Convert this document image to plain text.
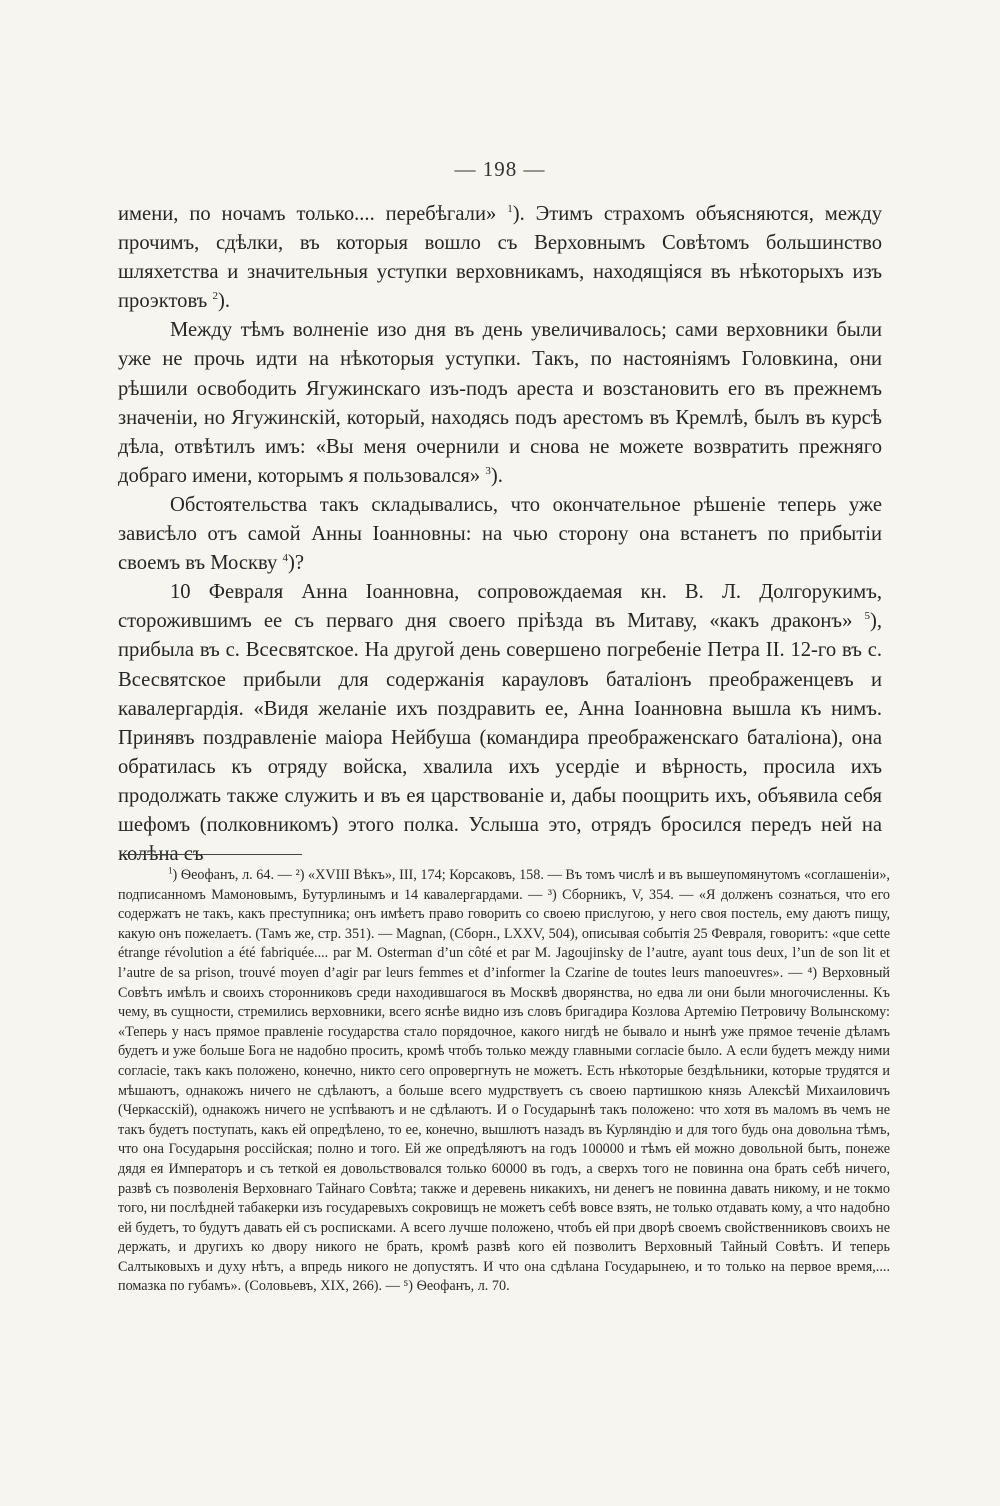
— 198 —

имени, по ночамъ только.... перебѣгали» $^1$). Этимъ страхомъ объясняются, между прочимъ, сдѣлки, въ которыя вошло съ Верховнымъ Совѣтомъ большинство шляхетства и значительныя уступки верховникамъ, находящіяся въ нѣкоторыхъ изъ проэктовъ $^2$).

Между тѣмъ волненіе изо дня въ день увеличивалось; сами верховники были уже не прочь идти на нѣкоторыя уступки. Такъ, по настояніямъ Головкина, они рѣшили освободить Ягужинскаго изъ-подъ ареста и возстановить его въ прежнемъ значеніи, но Ягужинскій, который, находясь подъ арестомъ въ Кремлѣ, былъ въ курсѣ дѣла, отвѣтилъ имъ: «Вы меня очернили и снова не можете возвратить прежняго добраго имени, которымъ я пользовался» $^3$).

Обстоятельства такъ складывались, что окончательное рѣшеніе теперь уже зависѣло отъ самой Анны Іоанновны: на чью сторону она встанетъ по прибытіи своемъ въ Москву $^4$)?

10 Февраля Анна Іоанновна, сопровождаемая кн. В. Л. Долгорукимъ, сторожившимъ ее съ перваго дня своего пріѣзда въ Митаву, «какъ драконъ» $^5$), прибыла въ с. Всесвятское. На другой день совершено погребеніе Петра II. 12-го въ с. Всесвятское прибыли для содержанія карауловъ баталіонъ преображенцевъ и кавалергардія. «Видя желаніе ихъ поздравить ее, Анна Іоанновна вышла къ нимъ. Принявъ поздравленіе маіора Нейбуша (командира преображенскаго баталіона), она обратилась къ отряду войска, хвалила ихъ усердіе и вѣрность, просила ихъ продолжать также служить и въ ея царствованіе и, дабы поощрить ихъ, объявила себя шефомъ (полковникомъ) этого полка. Услыша это, отрядъ бросился передъ ней на колѣна съ

$^1$) Ѳеофанъ, л. 64. — ²) «XVIII Вѣкъ», III, 174; Корсаковъ, 158. — Въ томъ числѣ и въ вышеупомянутомъ «соглашеніи», подписанномъ Мамоновымъ, Бутурлинымъ и 14 кавалергардами. — ³) Сборникъ, V, 354. — «Я долженъ сознаться, что его содержатъ не такъ, какъ преступника; онъ имѣетъ право говорить со своею прислугою, у него своя постель, ему даютъ пищу, какую онъ пожелаетъ. (Тамъ же, стр. 351). — Magnan, (Сборн., LXXV, 504), описывая событія 25 Февраля, говоритъ: «que cette étrange révolution a été fabriquée.... par M. Osterman d’un côté et par M. Jagoujinsky de l’autre, ayant tous deux, l’un de son lit et l’autre de sa prison, trouvé moyen d’agir par leurs femmes et d’informer la Czarine de toutes leurs manoeuvres». — ⁴) Верховный Совѣтъ имѣлъ и своихъ сторонниковъ среди находившагося въ Москвѣ дворянства, но едва ли они были многочисленны. Къ чему, въ сущности, стремились верховники, всего яснѣе видно изъ словъ бригадира Козлова Артемію Петровичу Волынскому: «Теперь у насъ прямое правленіе государства стало порядочное, какого нигдѣ не бывало и нынѣ уже прямое теченіе дѣламъ будетъ и уже больше Бога не надобно просить, кромѣ чтобъ только между главными согласіе было. А если будетъ между ними согласіе, такъ какъ положено, конечно, никто сего опровергнуть не можетъ. Есть нѣкоторые бездѣльники, которые трудятся и мѣшаютъ, однакожъ ничего не сдѣлаютъ, а больше всего мудрствуетъ съ своею партишкою князь Алексѣй Михаиловичъ (Черкасскій), однакожъ ничего не успѣваютъ и не сдѣлаютъ. И о Государынѣ такъ положено: что хотя въ маломъ въ чемъ не такъ будетъ поступать, какъ ей опредѣлено, то ее, конечно, вышлютъ назадъ въ Курляндію и для того будь она довольна тѣмъ, что она Государыня россійская; полно и того. Ей же опредѣляютъ на годъ 100000 и тѣмъ ей можно довольной быть, понеже дядя ея Императоръ и съ теткой ея довольствовался только 60000 въ годъ, а сверхъ того не повинна она брать себѣ ничего, развѣ съ позволенія Верховнаго Тайнаго Совѣта; также и деревень никакихъ, ни денегъ не повинна давать никому, и не токмо того, ни послѣдней табакерки изъ государевыхъ сокровищъ не можетъ себѣ вовсе взять, не только отдавать кому, а что надобно ей будетъ, то будутъ давать ей съ росписками. А всего лучше положено, чтобъ ей при дворѣ своемъ свойственниковъ своихъ не держать, и другихъ ко двору никого не брать, кромѣ развѣ кого ей позволитъ Верховный Тайный Совѣтъ. И теперь Салтыковыхъ и духу нѣтъ, а впредь никого не допустятъ. И что она сдѣлана Государынею, и то только на первое время,.... помазка по губамъ». (Соловьевъ, XIX, 266). — ⁵) Ѳеофанъ, л. 70.
